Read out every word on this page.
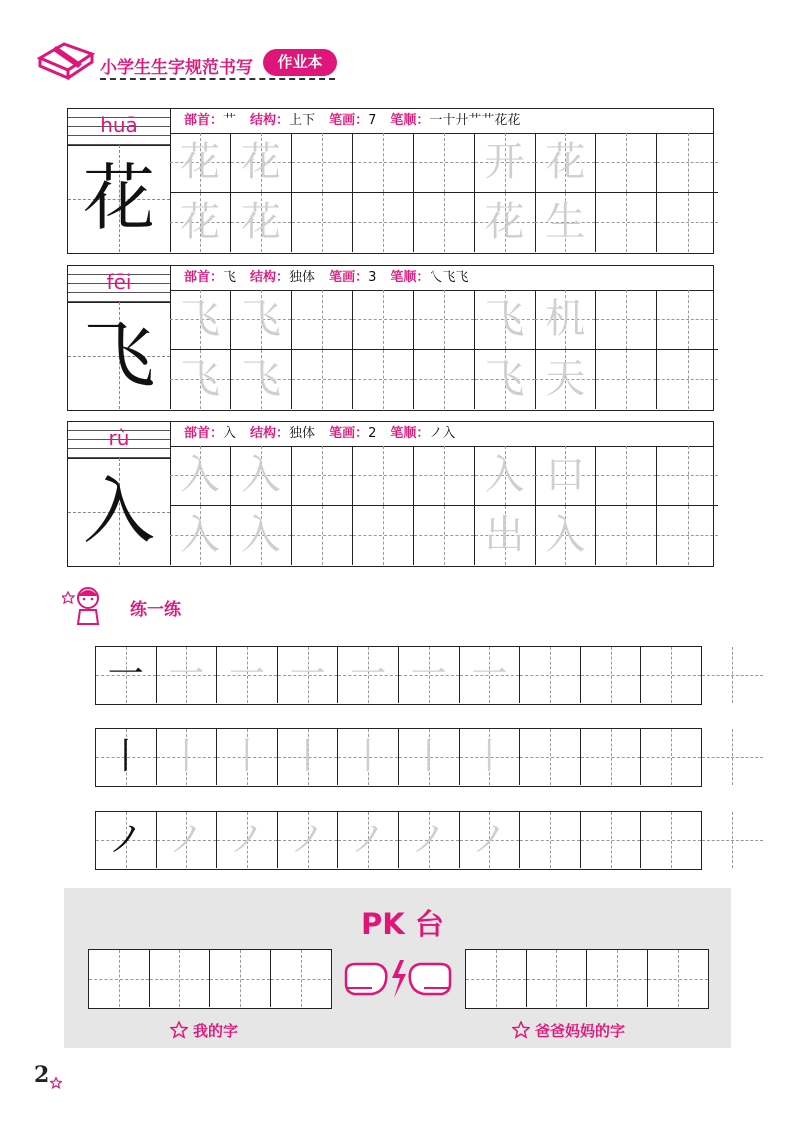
小学生生字规范书写	作业本
huā
花
部首：艹 结构：上下 笔画：7 笔顺：一十廾艹艹花花
花 花	开 花
花 花	花 生
fēi
飞
部首：飞 结构：独体 笔画：3 笔顺：乀飞飞
飞 飞	飞 机
飞 飞	飞 天
rù
入
部首：入 结构：独体 笔画：2 笔顺：ノ入
入 入	入 口
入 入	出 入
练一练
一 一 一 一 一 一 一
丨 丨 丨 丨 丨 丨 丨
ノ ノ ノ ノ ノ ノ ノ
PK 台
我的字	爸爸妈妈的字
2
